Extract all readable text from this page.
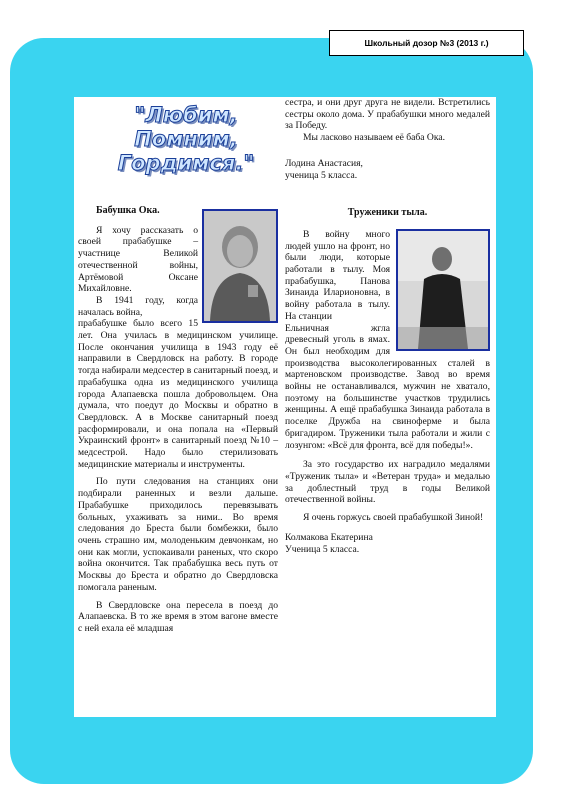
Школьный дозор №3 (2013 г.)
"Любим,
Помним,
Гордимся."

Бабушка Ока.

Я хочу рассказать о своей прабабушке – участнице Великой отечественной войны, Артёмовой Оксане Михайловне.

В 1941 году, когда началась война,

прабабушке было всего 15 лет. Она училась в медицинском училище. После окончания училища в 1943 году её направили в Свердловск на работу. В городе тогда набирали медсестер в санитарный поезд, и прабабушка одна из медицинского училища города Алапаевска пошла добровольцем. Она думала, что поедут до Москвы и обратно в Свердловск. А в Москве санитарный поезд расформировали, и она попала на «Первый Украинский фронт» в санитарный поезд №10 – медсестрой. Надо было стерилизовать медицинские материалы и инструменты.

По пути следования на станциях они подбирали раненных и везли дальше. Прабабушке приходилось перевязывать больных, ухаживать за ними.. Во время следования до Бреста были бомбежки, было очень страшно им, молоденьким девчонкам, но они как могли, успокаивали раненых, что скоро война окончится. Так прабабушка весь путь от Москвы до Бреста и обратно до Свердловска помогала раненым.

В Свердловске она пересела в поезд до Алапаевска. В то же время в этом вагоне вместе с ней ехала её младшая

сестра, и они друг друга не видели. Встретились сестры около дома. У прабабушки много медалей за Победу.

Мы ласково называем её баба Ока.

Лодина Анастасия,

ученица 5 класса.

Труженики тыла.

В войну много людей ушло на фронт, но были люди, которые работали в тылу. Моя прабабушка, Панова Зинаида Иларионовна, в войну работала в тылу. На станции

Ельничная жгла древесный уголь в ямах. Он был необходим для производства высоколегированных сталей в мартеновском производстве. Завод во время войны не останавливался, мужчин не хватало, поэтому на большинстве участков трудились женщины. А ещё прабабушка Зинаида работала в поселке Дружба на свиноферме и была бригадиром. Труженики тыла работали и жили с лозунгом: «Всё для фронта, всё для победы!».

За это государство их наградило медалями «Труженик тыла» и «Ветеран труда» и медалью за доблестный труд в годы Великой отечественной войны.

Я очень горжусь своей прабабушкой Зиной!

Колмакова Екатерина

Ученица 5 класса.
